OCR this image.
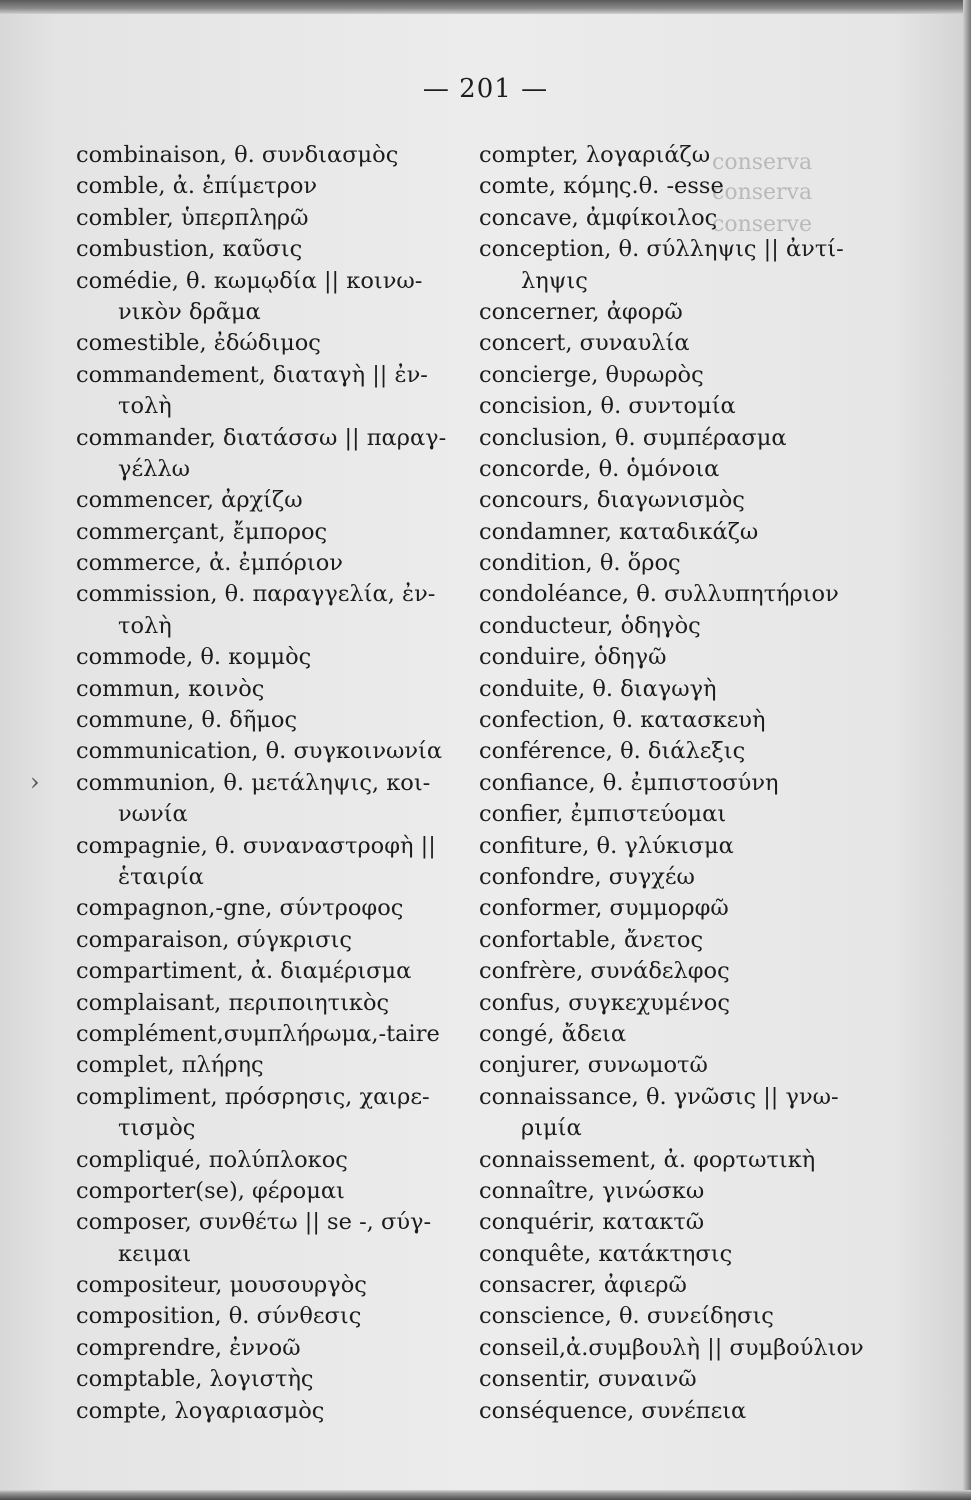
conserva
conserva
conserve
— 201 —
combinaison, θ. συνδιασμὸς
comble, ἀ. ἐπίμετρον
combler, ὑπερπληρῶ
combustion, καῦσις
comédie, θ. κωμῳδία || κοινω-
νικὸν δρᾶμα
comestible, ἐδώδιμος
commandement, διαταγὴ || ἐν-
τολὴ
commander, διατάσσω || παραγ-
γέλλω
commencer, ἀρχίζω
commerçant, ἔμπορος
commerce, ἀ. ἐμπόριον
commission, θ. παραγγελία, ἐν-
τολὴ
commode, θ. κομμὸς
commun, κοινὸς
commune, θ. δῆμος
communication, θ. συγκοινωνία
communion, θ. μετάληψις, κοι-
νωνία
compagnie, θ. συναναστροφὴ ||
ἑταιρία
compagnon,-gne, σύντροφος
comparaison, σύγκρισις
compartiment, ἀ. διαμέρισμα
complaisant, περιποιητικὸς
complément,συμπλήρωμα,-taire
complet, πλήρης
compliment, πρόσρησις, χαιρε-
τισμὸς
compliqué, πολύπλοκος
comporter(se), φέρομαι
composer, συνθέτω || se -, σύγ-
κειμαι
compositeur, μουσουργὸς
composition, θ. σύνθεσις
comprendre, ἐννοῶ
comptable, λογιστὴς
compte, λογαριασμὸς
compter, λογαριάζω
comte, κόμης.θ. -esse
concave, ἀμφίκοιλος
conception, θ. σύλληψις || ἀντί-
ληψις
concerner, ἀφορῶ
concert, συναυλία
concierge, θυρωρὸς
concision, θ. συντομία
conclusion, θ. συμπέρασμα
concorde, θ. ὁμόνοια
concours, διαγωνισμὸς
condamner, καταδικάζω
condition, θ. ὅρος
condoléance, θ. συλλυπητήριον
conducteur, ὁδηγὸς
conduire, ὁδηγῶ
conduite, θ. διαγωγὴ
confection, θ. κατασκευὴ
conférence, θ. διάλεξις
confiance, θ. ἐμπιστοσύνη
confier, ἐμπιστεύομαι
confiture, θ. γλύκισμα
confondre, συγχέω
conformer, συμμορφῶ
confortable, ἄνετος
confrère, συνάδελφος
confus, συγκεχυμένος
congé, ἄδεια
conjurer, συνωμοτῶ
connaissance, θ. γνῶσις || γνω-
ριμία
connaissement, ἀ. φορτωτικὴ
connaître, γινώσκω
conquérir, κατακτῶ
conquête, κατάκτησις
consacrer, ἀφιερῶ
conscience, θ. συνείδησις
conseil,ἀ.συμβουλὴ || συμβούλιον
consentir, συναινῶ
conséquence, συνέπεια
›
